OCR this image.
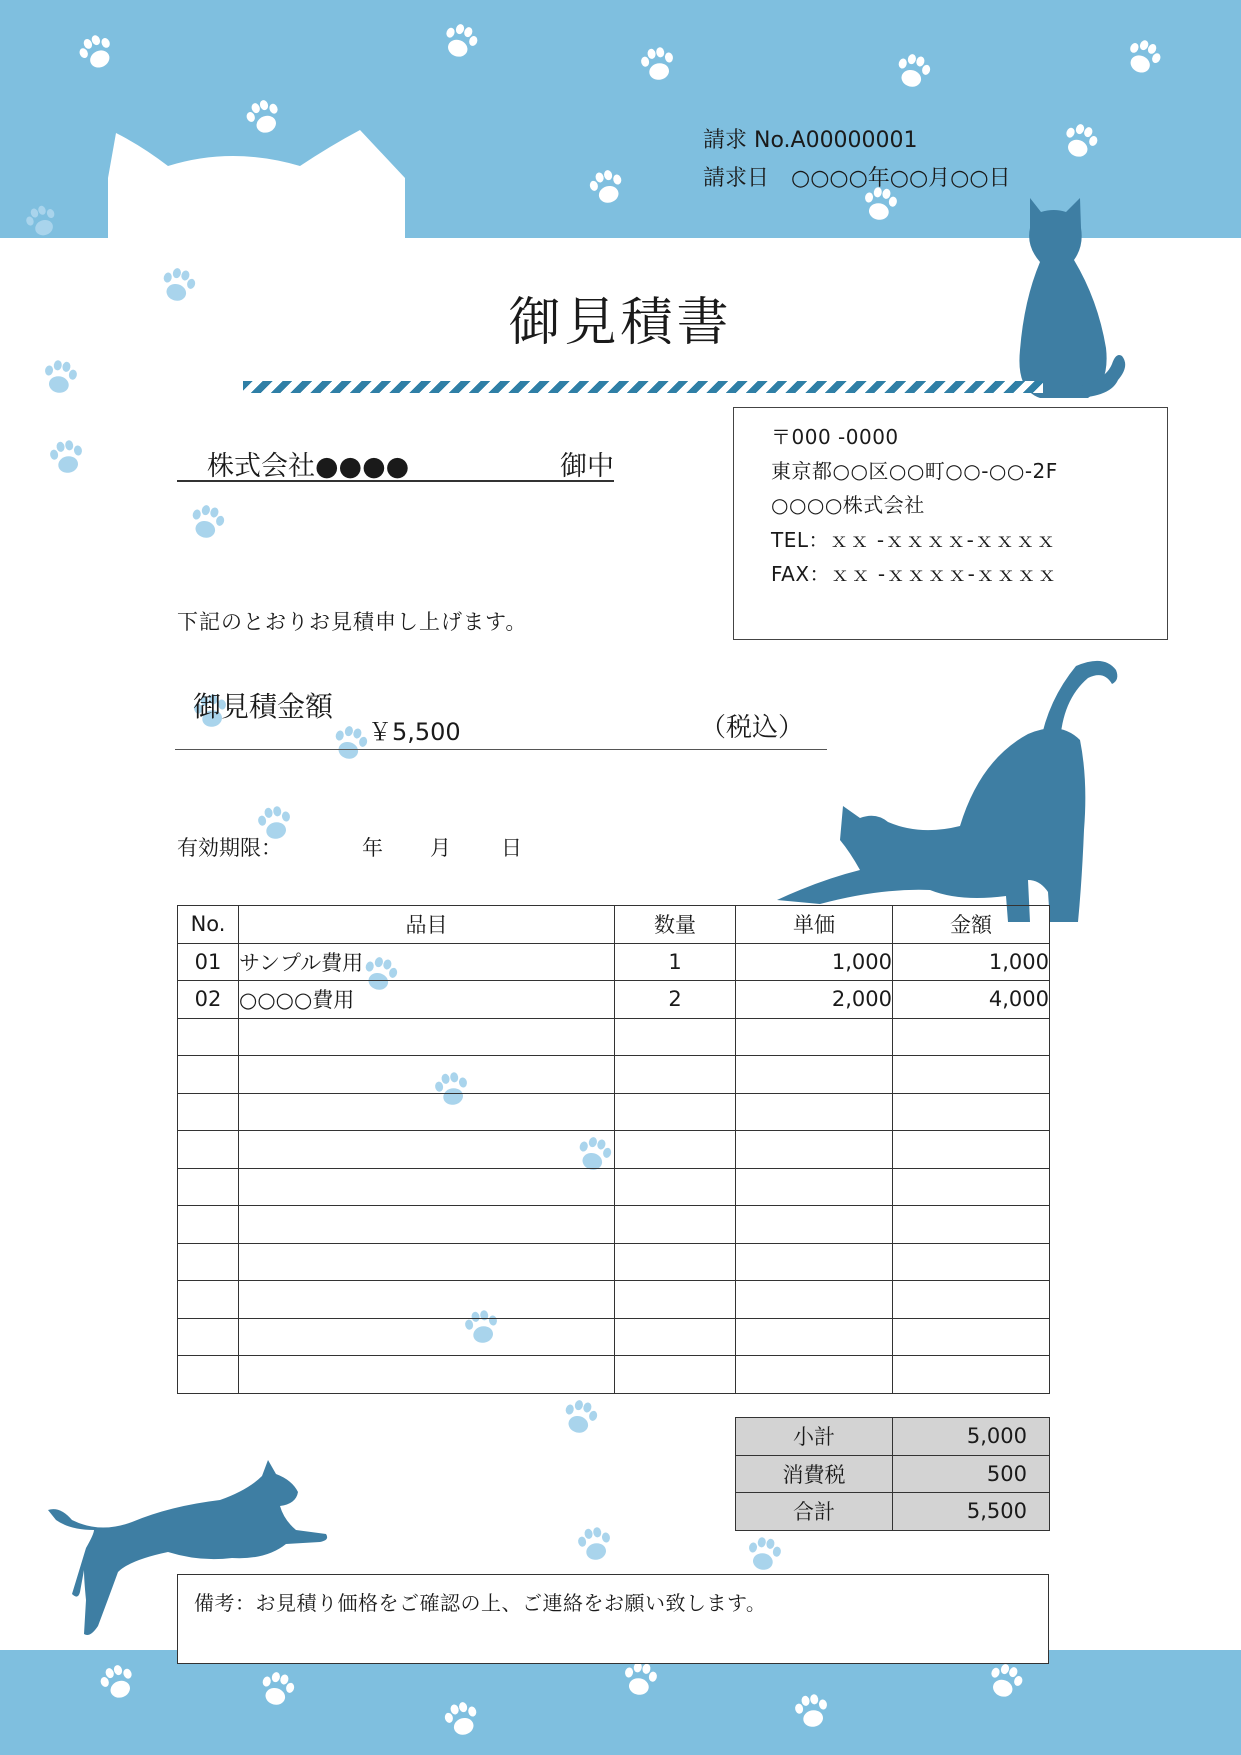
請求 No.A00000001
請求日　○○○○年○○月○○日
御見積書
株式会社●●●●	御中
〒000 -0000
東京都○○区○○町○○-○○-2F
○○○○株式会社
TEL：ｘｘ -ｘｘｘｘ-ｘｘｘｘ
FAX：ｘｘ -ｘｘｘｘ-ｘｘｘｘ
下記のとおりお見積申し上げます。
御見積金額
￥5,500	（税込）
有効期限：	年 月 日
No.	品目	数量	単価	金額
01	サンプル費用	1	1,000	1,000
02	○○○○費用	2	2,000	4,000

小計	5,000
消費税	500
合計	5,500
備考：お見積り価格をご確認の上、ご連絡をお願い致します。
